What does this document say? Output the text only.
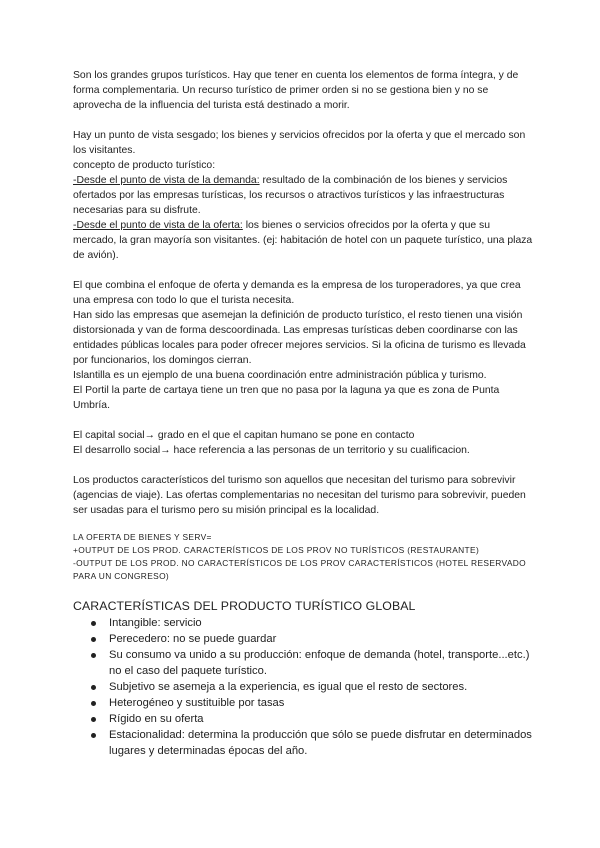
Son los grandes grupos turísticos. Hay que tener en cuenta los elementos de forma íntegra, y de forma complementaria. Un recurso turístico de primer orden si no se gestiona bien y no se aprovecha de la influencia del turista está destinado a morir.

Hay un punto de vista sesgado; los bienes y servicios ofrecidos por la oferta y que el mercado son los visitantes.

concepto de producto turístico:

-Desde el punto de vista de la demanda: resultado de la combinación de los bienes y servicios ofertados por las empresas turísticas, los recursos o atractivos turísticos y las infraestructuras necesarias para su disfrute.

-Desde el punto de vista de la oferta: los bienes o servicios ofrecidos por la oferta y que su mercado, la gran mayoría son visitantes. (ej: habitación de hotel con un paquete turístico, una plaza de avión).

El que combina el enfoque de oferta y demanda es la empresa de los turoperadores, ya que crea una empresa con todo lo que el turista necesita.

Han sido las empresas que asemejan la definición de producto turístico, el resto tienen una visión distorsionada y van de forma descoordinada. Las empresas turísticas deben coordinarse con las entidades públicas locales para poder ofrecer mejores servicios. Si la oficina de turismo es llevada por funcionarios, los domingos cierran.

Islantilla es un ejemplo de una buena coordinación entre administración pública y turismo.

El Portil la parte de cartaya tiene un tren que no pasa por la laguna ya que es zona de Punta Umbría.

El capital social→ grado en el que el capitan humano se pone en contacto

El desarrollo social→ hace referencia a las personas de un territorio y su cualificacion.

Los productos característicos del turismo son aquellos que necesitan del turismo para sobrevivir (agencias de viaje). Las ofertas complementarias no necesitan del turismo para sobrevivir, pueden ser usadas para el turismo pero su misión principal es la localidad.

LA OFERTA DE BIENES Y SERV=

+OUTPUT DE LOS PROD. CARACTERÍSTICOS DE LOS PROV NO TURÍSTICOS (RESTAURANTE)

-OUTPUT DE LOS PROD. NO CARACTERÍSTICOS DE LOS PROV CARACTERÍSTICOS (HOTEL RESERVADO PARA UN CONGRESO)

CARACTERÍSTICAS DEL PRODUCTO TURÍSTICO GLOBAL

Intangible: servicio
Perecedero: no se puede guardar
Su consumo va unido a su producción: enfoque de demanda (hotel, transporte...etc.) no el caso del paquete turístico.
Subjetivo se asemeja a la experiencia, es igual que el resto de sectores.
Heterogéneo y sustituible por tasas
Rígido en su oferta
Estacionalidad: determina la producción que sólo se puede disfrutar en determinados lugares y determinadas épocas del año.
